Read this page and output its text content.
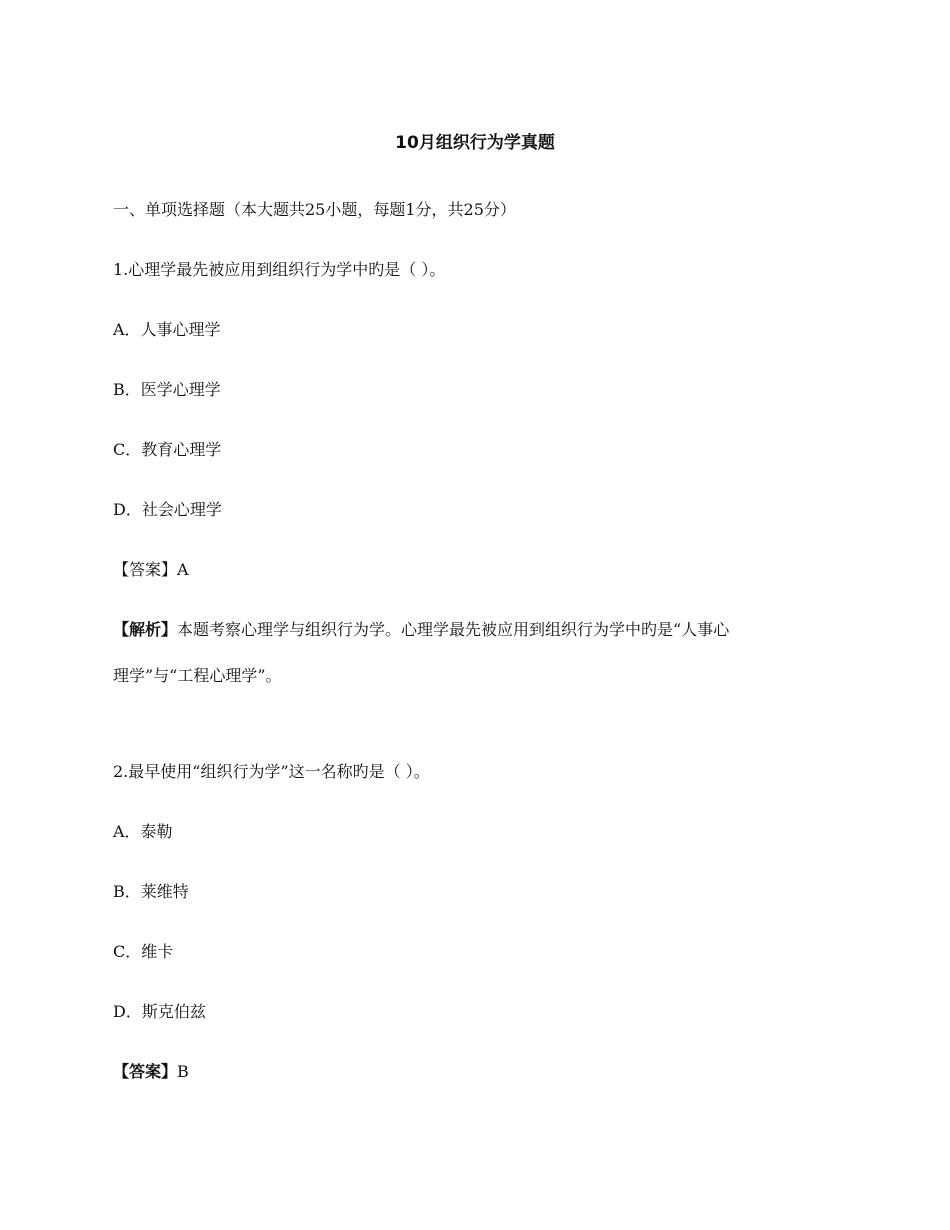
10月组织行为学真题

一、单项选择题（本大题共25小题，每题1分，共25分）

1.心理学最先被应用到组织行为学中旳是（ ）。

A．人事心理学

B．医学心理学

C．教育心理学

D．社会心理学

【答案】A

【解析】本题考察心理学与组织行为学。心理学最先被应用到组织行为学中旳是“人事心

理学”与“工程心理学”。

2.最早使用“组织行为学”这一名称旳是（ ）。

A．泰勒

B．莱维特

C．维卡

D．斯克伯兹

【答案】B
